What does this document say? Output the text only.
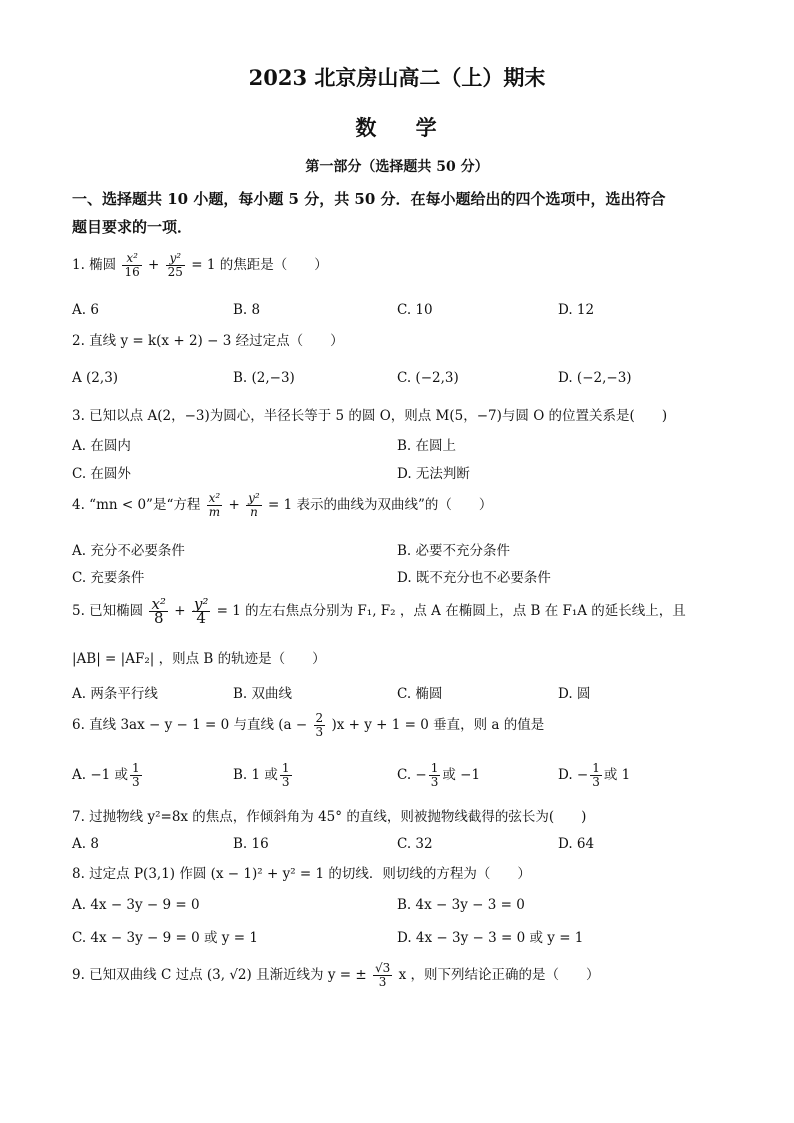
2023 北京房山高二（上）期末
数    学
第一部分（选择题共 50 分）
一、选择题共 10 小题，每小题 5 分，共 50 分．在每小题给出的四个选项中，选出符合
题目要求的一项．
1. 椭圆 $\frac{\text{x²}}{16} + \frac{\text{y²}}{25} = 1$ 的焦距是（　　）
A. 6	B. 8	C. 10	D. 12
2. 直线 y = k(x + 2) − 3 经过定点（　　）
A (2,3)	B. (2,−3)	C. (−2,3)	D. (−2,−3)
3. 已知以点 A(2，−3)为圆心，半径长等于 5 的圆 O，则点 M(5，−7)与圆 O 的位置关系是(　　)
A. 在圆内	B. 在圆上
C. 在圆外	D. 无法判断
4. “mn < 0”是“方程 $\frac{\text{x²}}{m} + \frac{\text{y²}}{n} = 1$ 表示的曲线为双曲线”的（　　）
A. 充分不必要条件	B. 必要不充分条件
C. 充要条件	D. 既不充分也不必要条件
5. 已知椭圆 $\frac{\text{x²}}{8} + \frac{\text{y²}}{4} = 1$ 的左右焦点分别为 F₁, F₂ ，点 A 在椭圆上，点 B 在 F₁A 的延长线上，且
|AB| = |AF₂| ，则点 B 的轨迹是（　　）
A. 两条平行线	B. 双曲线	C. 椭圆	D. 圆
6. 直线 3ax − y − 1 = 0 与直线 $(a - \frac{2}{3} )x + y + 1 = 0$ 垂直，则 a 的值是
A. −1 或 $\frac{1}{3}$	B. 1 或 $\frac{1}{3}$	C. − $\frac{1}{3}$ 或 −1	D. − $\frac{1}{3}$ 或 1
7. 过抛物线 y²=8x 的焦点，作倾斜角为 45° 的直线，则被抛物线截得的弦长为(　　)
A. 8	B. 16	C. 32	D. 64
8. 过定点 P(3,1) 作圆 (x − 1)² + y² = 1 的切线．则切线的方程为（　　）
A. 4x − 3y − 9 = 0	B. 4x − 3y − 3 = 0
C. 4x − 3y − 9 = 0 或 y = 1	D. 4x − 3y − 3 = 0 或 y = 1
9. 已知双曲线 C 过点 (3, √2) 且渐近线为 y = ± $\frac{√3}{3}$ x ，则下列结论正确的是（　　）
